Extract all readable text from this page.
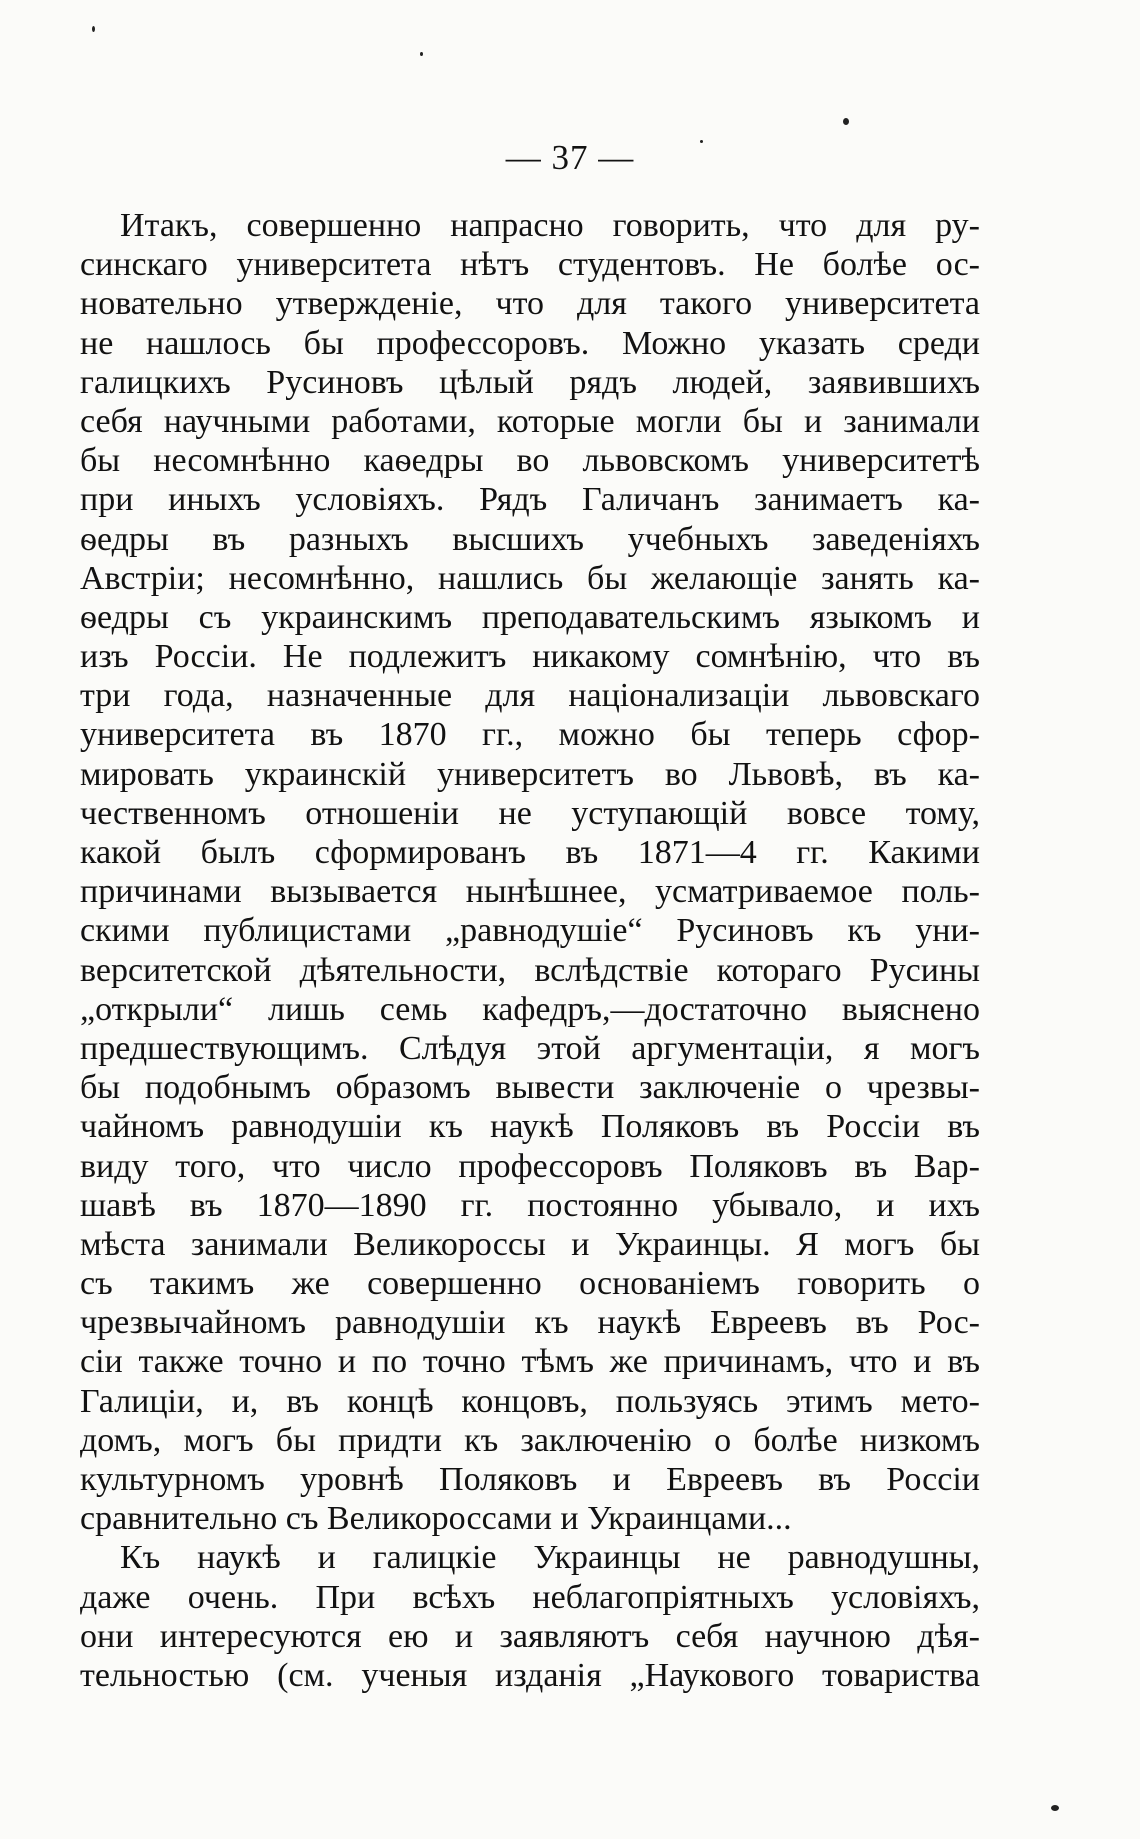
— 37 —
Итакъ, совершенно напрасно говорить, что для ру-
синскаго университета нѣтъ студентовъ. Не болѣе ос-
новательно утвержденіе, что для такого университета
не нашлось бы профессоровъ. Можно указать среди
галицкихъ Русиновъ цѣлый рядъ людей, заявившихъ
себя научными работами, которые могли бы и занимали
бы несомнѣнно каѳедры во львовскомъ университетѣ
при иныхъ условіяхъ. Рядъ Галичанъ занимаетъ ка-
ѳедры въ разныхъ высшихъ учебныхъ заведеніяхъ
Австріи; несомнѣнно, нашлись бы желающіе занять ка-
ѳедры съ украинскимъ преподавательскимъ языкомъ и
изъ Россіи. Не подлежитъ никакому сомнѣнію, что въ
три года, назначенные для націонализаціи львовскаго
университета въ 1870 гг., можно бы теперь сфор-
мировать украинскій университетъ во Львовѣ, въ ка-
чественномъ отношеніи не уступающій вовсе тому,
какой былъ сформированъ въ 1871—4 гг. Какими
причинами вызывается нынѣшнее, усматриваемое поль-
скими публицистами „равнодушіе“ Русиновъ къ уни-
верситетской дѣятельности, вслѣдствіе котораго Русины
„открыли“ лишь семь кафедръ,—достаточно выяснено
предшествующимъ. Слѣдуя этой аргументаціи, я могъ
бы подобнымъ образомъ вывести заключеніе о чрезвы-
чайномъ равнодушіи къ наукѣ Поляковъ въ Россіи въ
виду того, что число профессоровъ Поляковъ въ Вар-
шавѣ въ 1870—1890 гг. постоянно убывало, и ихъ
мѣста занимали Великороссы и Украинцы. Я могъ бы
съ такимъ же совершенно основаніемъ говорить о
чрезвычайномъ равнодушіи къ наукѣ Евреевъ въ Рос-
сіи также точно и по точно тѣмъ же причинамъ, что и въ
Галиціи, и, въ концѣ концовъ, пользуясь этимъ мето-
домъ, могъ бы придти къ заключенію о болѣе низкомъ
культурномъ уровнѣ Поляковъ и Евреевъ въ Россіи
сравнительно съ Великороссами и Украинцами...
Къ наукѣ и галицкіе Украинцы не равнодушны,
даже очень. При всѣхъ неблагопріятныхъ условіяхъ,
они интересуются ею и заявляютъ себя научною дѣя-
тельностью (см. ученыя изданія „Наукового товариства
